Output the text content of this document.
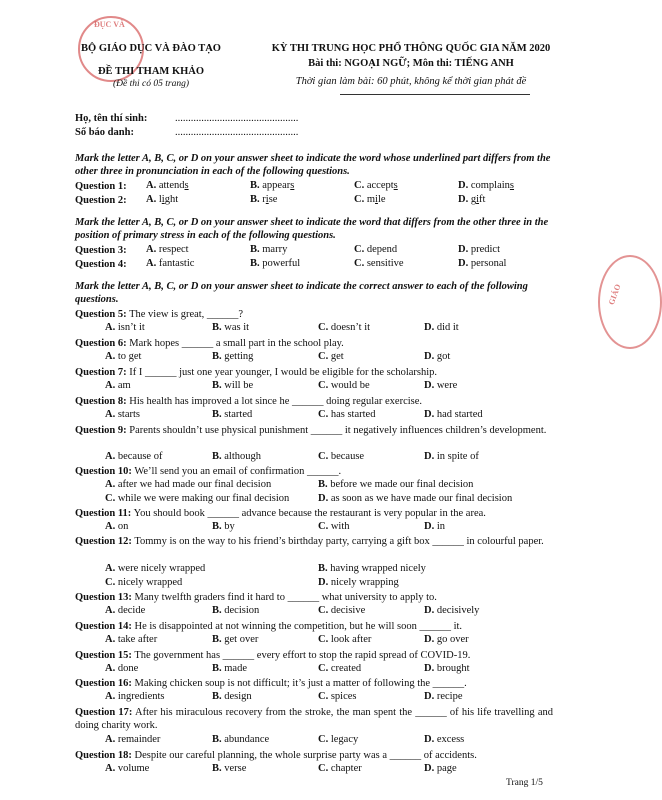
ĐỤC VÀ
GIÁO
BỘ GIÁO DỤC VÀ ĐÀO TẠO
ĐỀ THI THAM KHẢO
(Đề thi có 05 trang)
KỲ THI TRUNG HỌC PHỔ THÔNG QUỐC GIA NĂM 2020
Bài thi: NGOẠI NGỮ; Môn thi: TIẾNG ANH
Thời gian làm bài: 60 phút, không kể thời gian phát đề
Họ, tên thí sinh:	...............................................
Số báo danh:	...............................................
Mark the letter A, B, C, or D on your answer sheet to indicate the word whose underlined part differs from the other three in pronunciation in each of the following questions.
Question 1:	A. attends	B. appears	C. accepts	D. complains
Question 2:	A. light	B. rise	C. mile	D. gift
Mark the letter A, B, C, or D on your answer sheet to indicate the word that differs from the other three in the position of primary stress in each of the following questions.
Question 3:	A. respect	B. marry	C. depend	D. predict
Question 4:	A. fantastic	B. powerful	C. sensitive	D. personal
Mark the letter A, B, C, or D on your answer sheet to indicate the correct answer to each of the following questions.
Question 5: The view is great, ______?
A. isn’t it	B. was it	C. doesn’t it	D. did it
Question 6: Mark hopes ______ a small part in the school play.
A. to get	B. getting	C. get	D. got
Question 7: If I ______ just one year younger, I would be eligible for the scholarship.
A. am	B. will be	C. would be	D. were
Question 8: His health has improved a lot since he ______ doing regular exercise.
A. starts	B. started	C. has started	D. had started
Question 9: Parents shouldn’t use physical punishment ______ it negatively influences children’s development.
A. because of	B. although	C. because	D. in spite of
Question 10: We’ll send you an email of confirmation ______.
A. after we had made our final decision	B. before we made our final decision
C. while we were making our final decision	D. as soon as we have made our final decision
Question 11: You should book ______ advance because the restaurant is very popular in the area.
A. on	B. by	C. with	D. in
Question 12: Tommy is on the way to his friend’s birthday party, carrying a gift box ______ in colourful paper.
A. were nicely wrapped	B. having wrapped nicely
C. nicely wrapped	D. nicely wrapping
Question 13: Many twelfth graders find it hard to ______ what university to apply to.
A. decide	B. decision	C. decisive	D. decisively
Question 14: He is disappointed at not winning the competition, but he will soon ______ it.
A. take after	B. get over	C. look after	D. go over
Question 15: The government has ______ every effort to stop the rapid spread of COVID-19.
A. done	B. made	C. created	D. brought
Question 16: Making chicken soup is not difficult; it’s just a matter of following the ______.
A. ingredients	B. design	C. spices	D. recipe
Question 17: After his miraculous recovery from the stroke, the man spent the ______ of his life travelling and doing charity work.
A. remainder	B. abundance	C. legacy	D. excess
Question 18: Despite our careful planning, the whole surprise party was a ______ of accidents.
A. volume	B. verse	C. chapter	D. page
Trang 1/5
